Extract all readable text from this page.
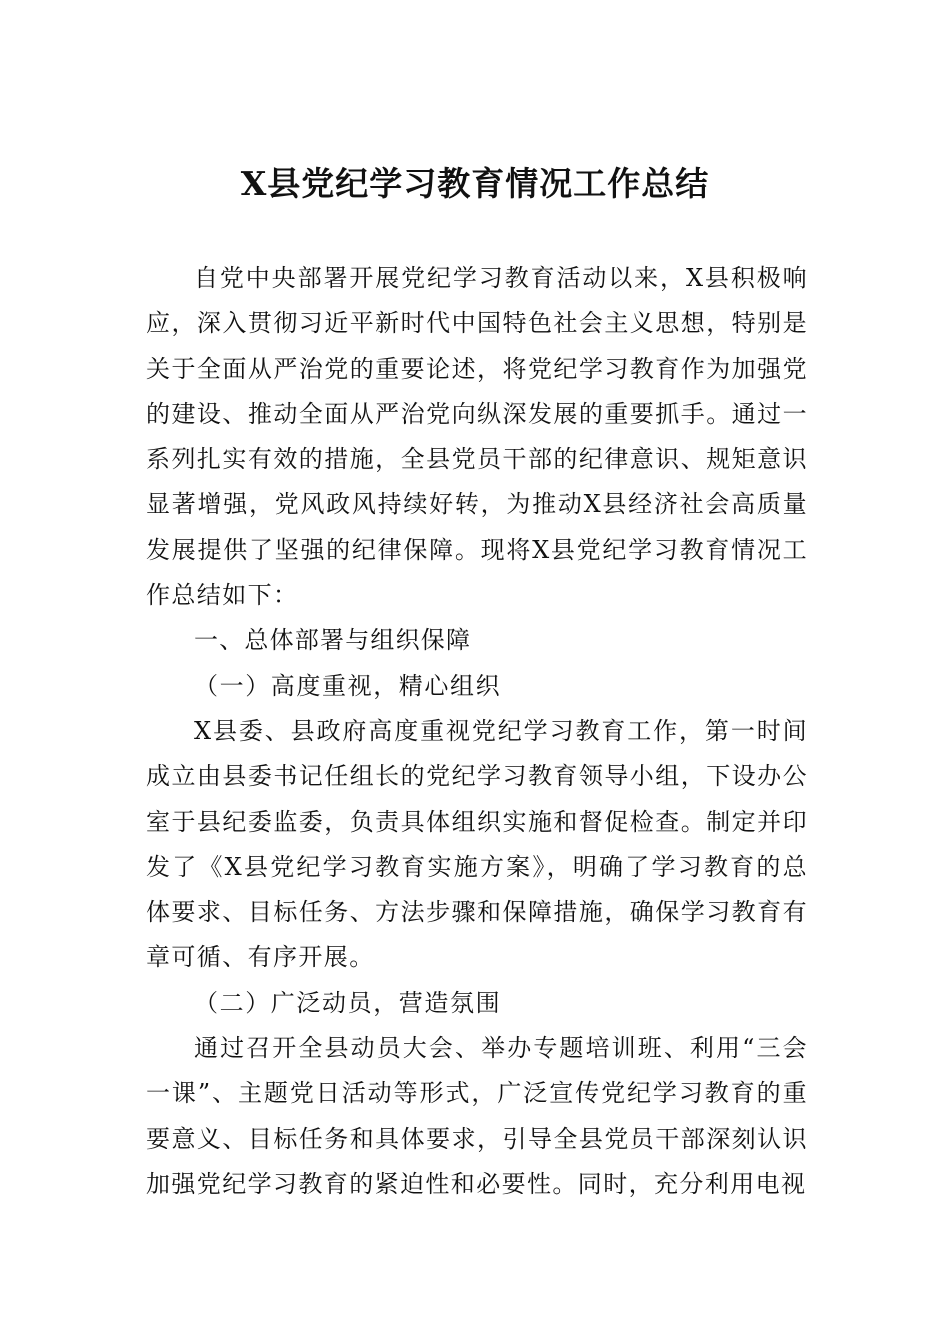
X县党纪学习教育情况工作总结

自党中央部署开展党纪学习教育活动以来，X县积极响应，深入贯彻习近平新时代中国特色社会主义思想，特别是关于全面从严治党的重要论述，将党纪学习教育作为加强党的建设、推动全面从严治党向纵深发展的重要抓手。通过一系列扎实有效的措施，全县党员干部的纪律意识、规矩意识显著增强，党风政风持续好转，为推动X县经济社会高质量发展提供了坚强的纪律保障。现将X县党纪学习教育情况工作总结如下：

一、总体部署与组织保障

（一）高度重视，精心组织

X县委、县政府高度重视党纪学习教育工作，第一时间成立由县委书记任组长的党纪学习教育领导小组，下设办公室于县纪委监委，负责具体组织实施和督促检查。制定并印发了《X县党纪学习教育实施方案》，明确了学习教育的总体要求、目标任务、方法步骤和保障措施，确保学习教育有章可循、有序开展。

（二）广泛动员，营造氛围

通过召开全县动员大会、举办专题培训班、利用“三会一课”、主题党日活动等形式，广泛宣传党纪学习教育的重要意义、目标任务和具体要求，引导全县党员干部深刻认识加强党纪学习教育的紧迫性和必要性。同时，充分利用电视
